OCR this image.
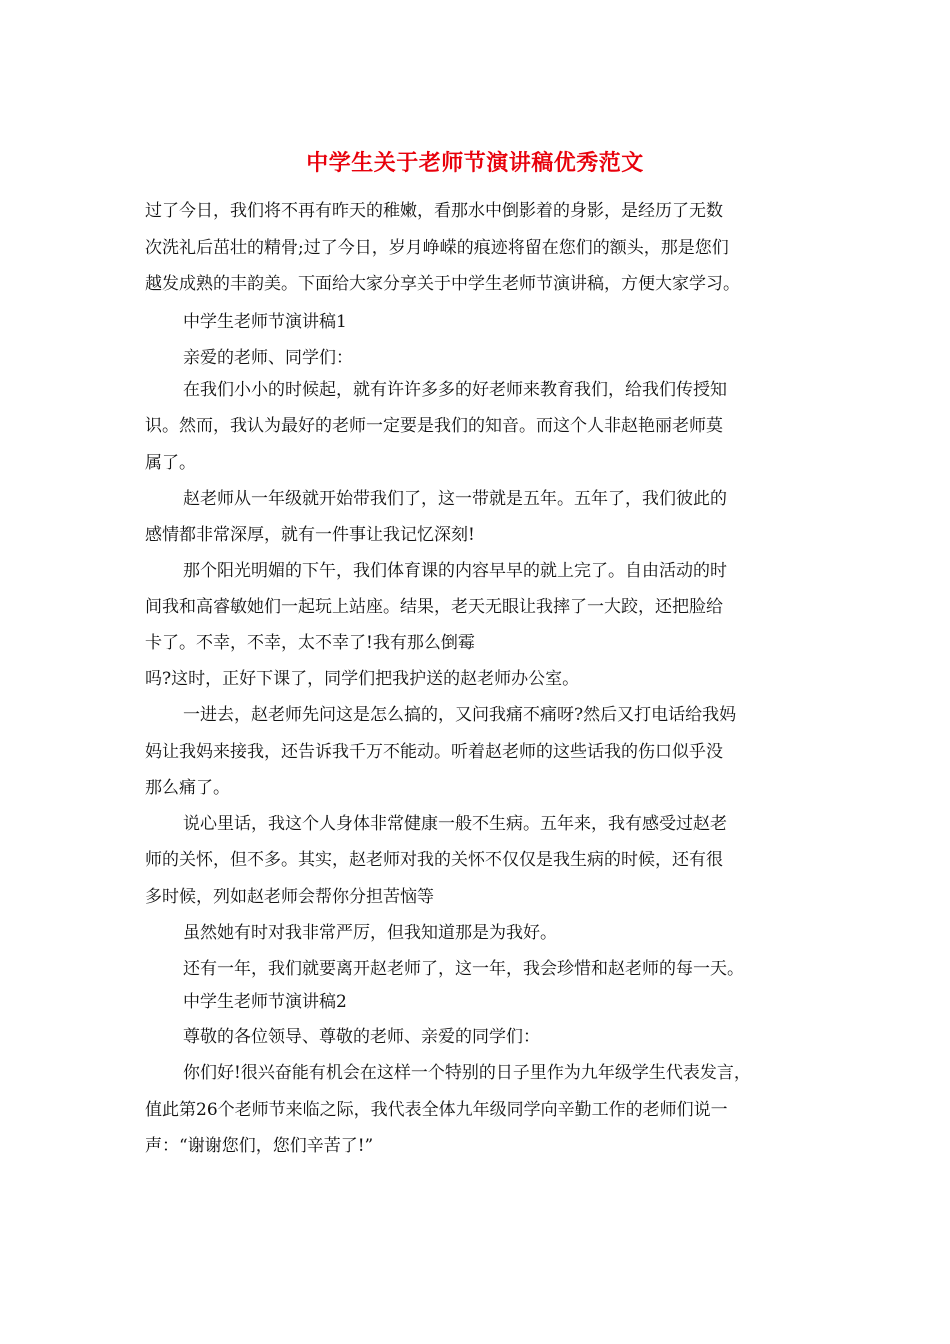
中学生关于老师节演讲稿优秀范文
过了今日，我们将不再有昨天的稚嫩，看那水中倒影着的身影，是经历了无数
次洗礼后茁壮的精骨;过了今日，岁月峥嵘的痕迹将留在您们的额头，那是您们
越发成熟的丰韵美。下面给大家分享关于中学生老师节演讲稿，方便大家学习。
中学生老师节演讲稿1
亲爱的老师、同学们：
在我们小小的时候起，就有许许多多的好老师来教育我们，给我们传授知
识。然而，我认为最好的老师一定要是我们的知音。而这个人非赵艳丽老师莫
属了。
赵老师从一年级就开始带我们了，这一带就是五年。五年了，我们彼此的
感情都非常深厚，就有一件事让我记忆深刻!
那个阳光明媚的下午，我们体育课的内容早早的就上完了。自由活动的时
间我和高睿敏她们一起玩上站座。结果，老天无眼让我摔了一大跤，还把脸给
卡了。不幸，不幸，太不幸了!我有那么倒霉
吗?这时，正好下课了，同学们把我护送的赵老师办公室。
一进去，赵老师先问这是怎么搞的，又问我痛不痛呀?然后又打电话给我妈
妈让我妈来接我，还告诉我千万不能动。听着赵老师的这些话我的伤口似乎没
那么痛了。
说心里话，我这个人身体非常健康一般不生病。五年来，我有感受过赵老
师的关怀，但不多。其实，赵老师对我的关怀不仅仅是我生病的时候，还有很
多时候，列如赵老师会帮你分担苦恼等
虽然她有时对我非常严厉，但我知道那是为我好。
还有一年，我们就要离开赵老师了，这一年，我会珍惜和赵老师的每一天。
中学生老师节演讲稿2
尊敬的各位领导、尊敬的老师、亲爱的同学们：
你们好!很兴奋能有机会在这样一个特别的日子里作为九年级学生代表发言，
值此第26个老师节来临之际，我代表全体九年级同学向辛勤工作的老师们说一
声：“谢谢您们，您们辛苦了!”
